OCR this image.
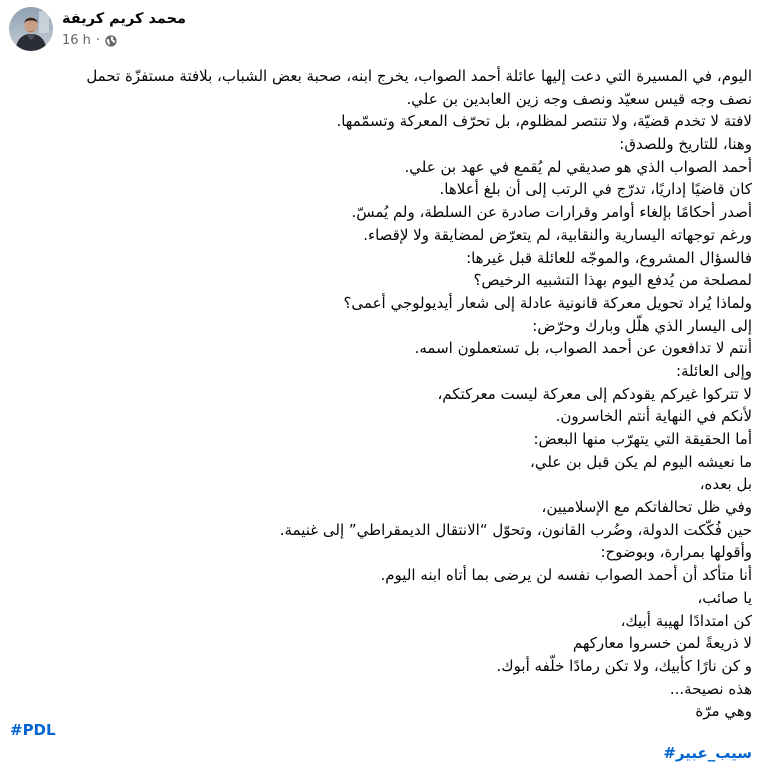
محمد كريم كريفة
16 h ·
اليوم، في المسيرة التي دعت إليها عائلة أحمد الصواب، يخرج ابنه، صحبة بعض الشباب، بلافتة مستفزّة تحمل
نصف وجه قيس سعيّد ونصف وجه زين العابدين بن علي.
لافتة لا تخدم قضيّة، ولا تنتصر لمظلوم، بل تحرّف المعركة وتسمّمها.
وهنا، للتاريخ وللصدق:
أحمد الصواب الذي هو صديقي لم يُقمع في عهد بن علي.
كان قاضيًا إداريًا، تدرّج في الرتب إلى أن بلغ أعلاها.
أصدر أحكامًا بإلغاء أوامر وقرارات صادرة عن السلطة، ولم يُمسّ.
ورغم توجهاته اليسارية والنقابية، لم يتعرّض لمضايقة ولا لإقصاء.
فالسؤال المشروع، والموجّه للعائلة قبل غيرها:
لمصلحة من يُدفع اليوم بهذا التشبيه الرخيص؟
ولماذا يُراد تحويل معركة قانونية عادلة إلى شعار أيديولوجي أعمى؟
إلى اليسار الذي هلّل وبارك وحرّض:
أنتم لا تدافعون عن أحمد الصواب، بل تستعملون اسمه.
وإلى العائلة:
لا تتركوا غيركم يقودكم إلى معركة ليست معركتكم،
لأنكم في النهاية أنتم الخاسرون.
أما الحقيقة التي يتهرّب منها البعض:
ما نعيشه اليوم لم يكن قبل بن علي،
بل بعده،
وفي ظل تحالفاتكم مع الإسلاميين،
حين فُكّكت الدولة، وضُرب القانون، وتحوّل “الانتقال الديمقراطي” إلى غنيمة.
وأقولها بمرارة، وبوضوح:
أنا متأكد أن أحمد الصواب نفسه لن يرضى بما أتاه ابنه اليوم.
يا صائب،
كن امتدادًا لهيبة أبيك،
لا ذريعةً لمن خسروا معاركهم
و كن نارًا كأبيك، ولا تكن رمادًا خلّفه أبوك.
هذه نصيحة...
وهي مرّة
#PDL
#سيب_عبير
